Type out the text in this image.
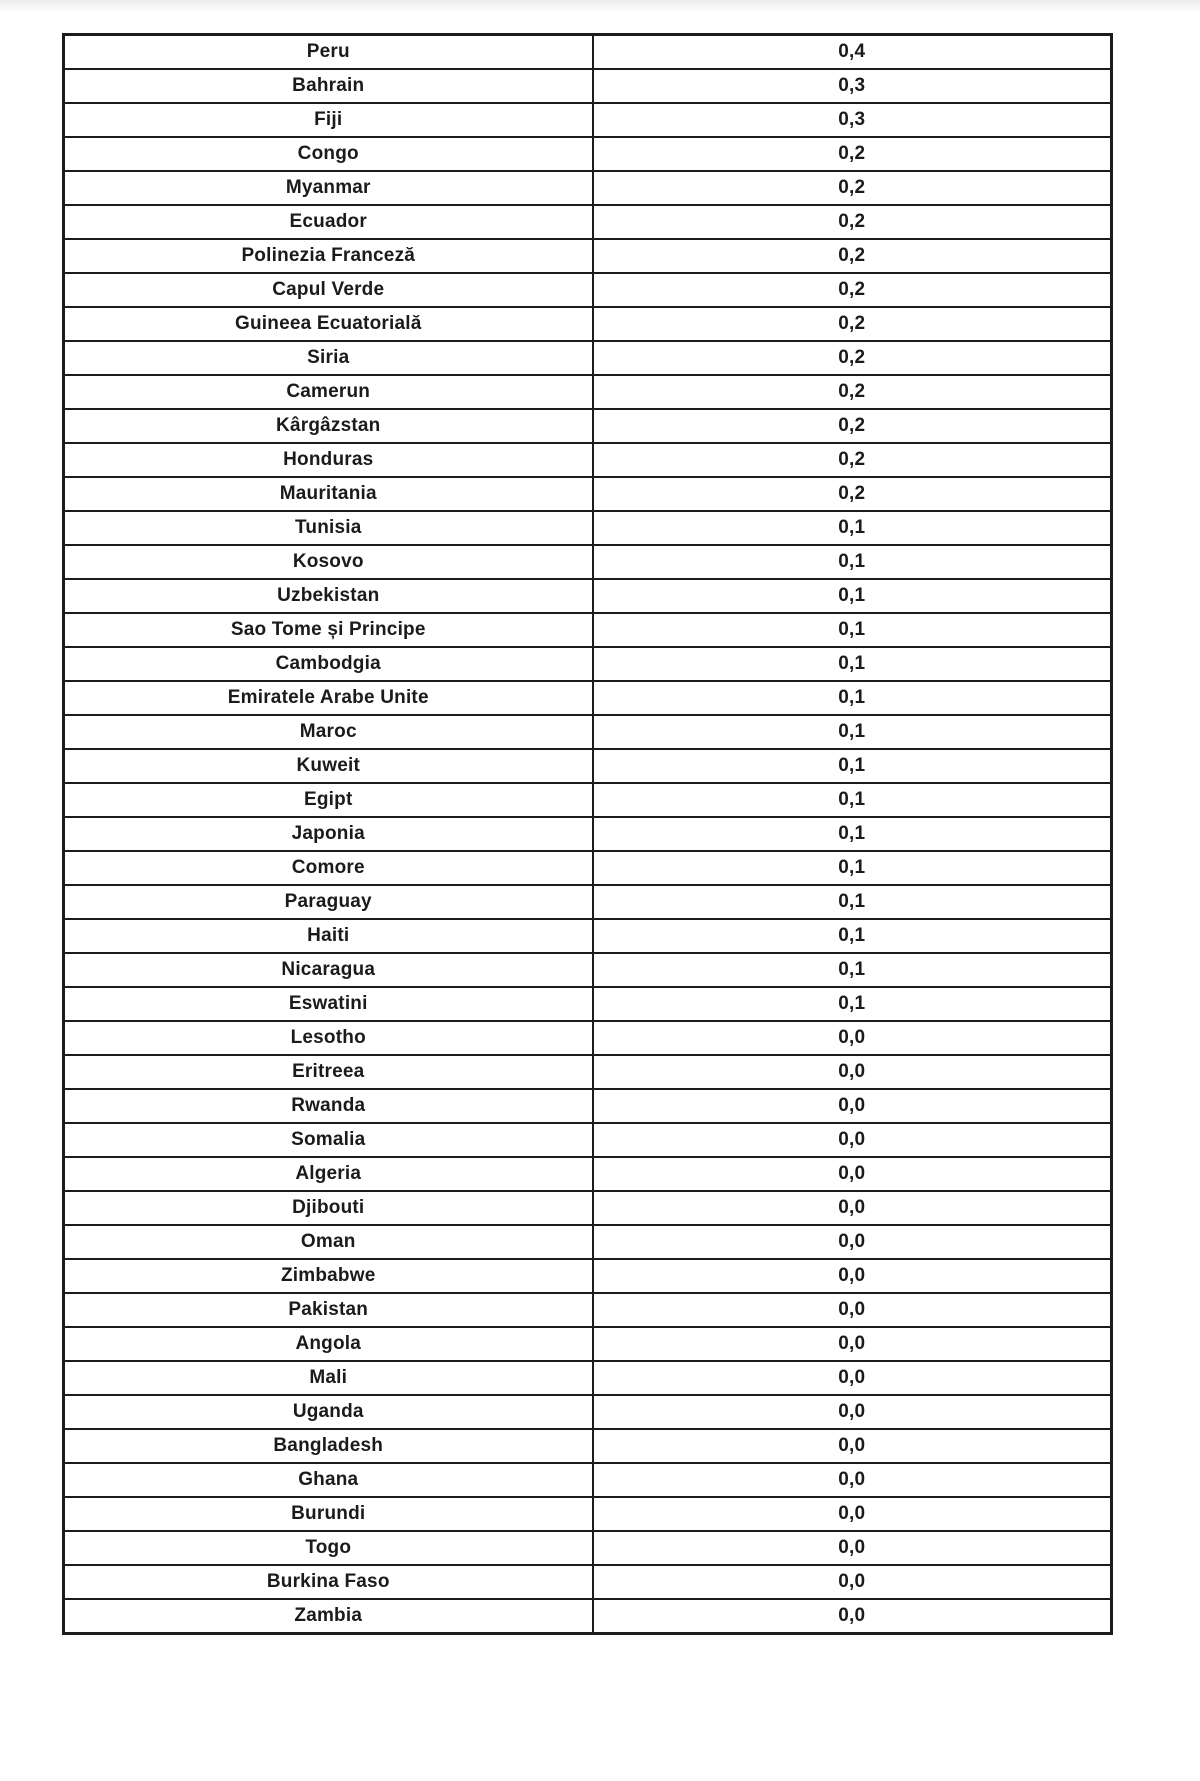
Peru	0,4
Bahrain	0,3
Fiji	0,3
Congo	0,2
Myanmar	0,2
Ecuador	0,2
Polinezia Franceză	0,2
Capul Verde	0,2
Guineea Ecuatorială	0,2
Siria	0,2
Camerun	0,2
Kârgâzstan	0,2
Honduras	0,2
Mauritania	0,2
Tunisia	0,1
Kosovo	0,1
Uzbekistan	0,1
Sao Tome și Principe	0,1
Cambodgia	0,1
Emiratele Arabe Unite	0,1
Maroc	0,1
Kuweit	0,1
Egipt	0,1
Japonia	0,1
Comore	0,1
Paraguay	0,1
Haiti	0,1
Nicaragua	0,1
Eswatini	0,1
Lesotho	0,0
Eritreea	0,0
Rwanda	0,0
Somalia	0,0
Algeria	0,0
Djibouti	0,0
Oman	0,0
Zimbabwe	0,0
Pakistan	0,0
Angola	0,0
Mali	0,0
Uganda	0,0
Bangladesh	0,0
Ghana	0,0
Burundi	0,0
Togo	0,0
Burkina Faso	0,0
Zambia	0,0
